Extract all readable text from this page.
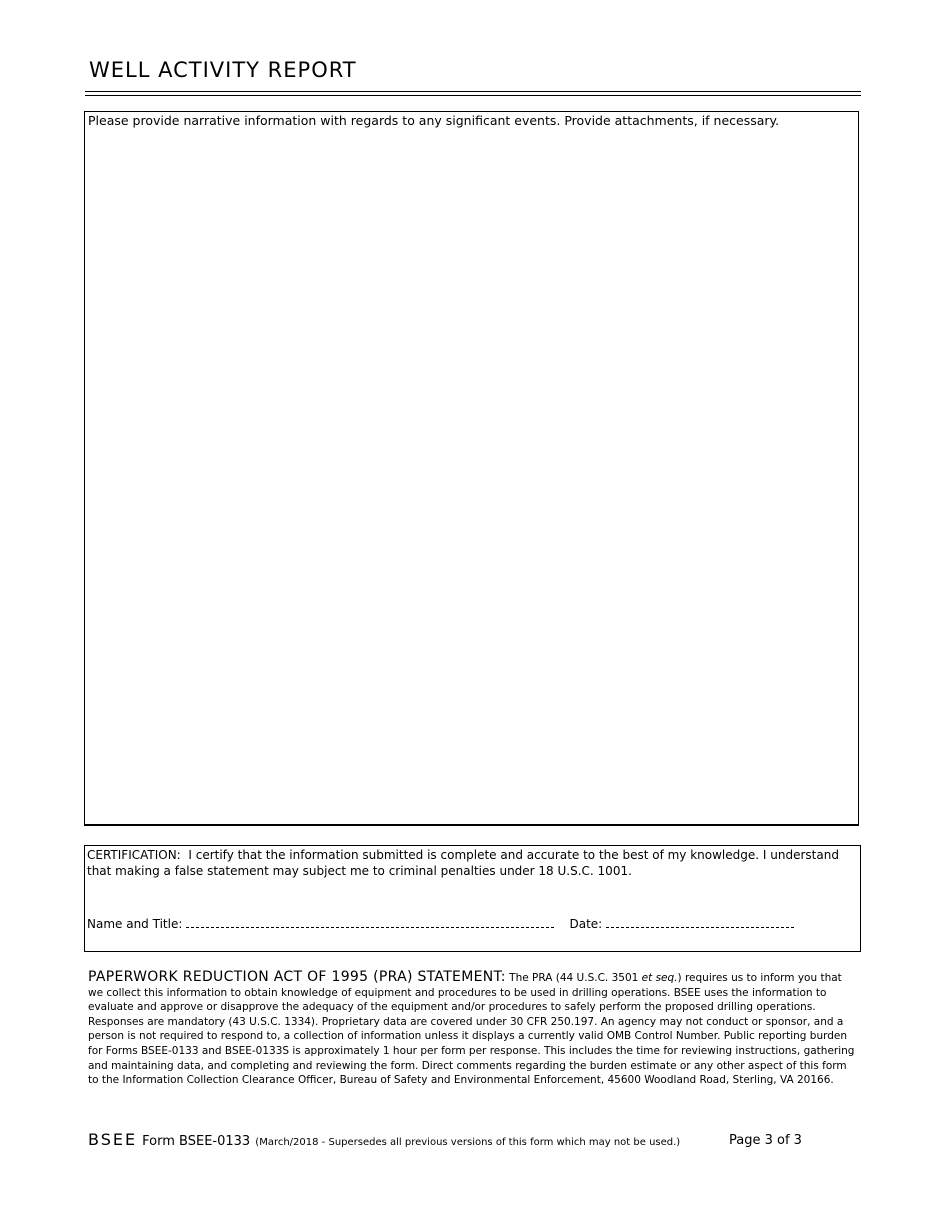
WELL ACTIVITY REPORT
Please provide narrative information with regards to any significant events. Provide attachments, if necessary.
CERTIFICATION: I certify that the information submitted is complete and accurate to the best of my knowledge. I understand that making a false statement may subject me to criminal penalties under 18 U.S.C. 1001.
Name and Title:	Date:
PAPERWORK REDUCTION ACT OF 1995 (PRA) STATEMENT: The PRA (44 U.S.C. 3501 et seq.) requires us to inform you that we collect this information to obtain knowledge of equipment and procedures to be used in drilling operations. BSEE uses the information to evaluate and approve or disapprove the adequacy of the equipment and/or procedures to safely perform the proposed drilling operations. Responses are mandatory (43 U.S.C. 1334). Proprietary data are covered under 30 CFR 250.197. An agency may not conduct or sponsor, and a person is not required to respond to, a collection of information unless it displays a currently valid OMB Control Number. Public reporting burden for Forms BSEE-0133 and BSEE-0133S is approximately 1 hour per form per response. This includes the time for reviewing instructions, gathering and maintaining data, and completing and reviewing the form. Direct comments regarding the burden estimate or any other aspect of this form to the Information Collection Clearance Officer, Bureau of Safety and Environmental Enforcement, 45600 Woodland Road, Sterling, VA 20166.
BSEE Form BSEE-0133 (March/2018 - Supersedes all previous versions of this form which may not be used.)	Page 3 of 3
